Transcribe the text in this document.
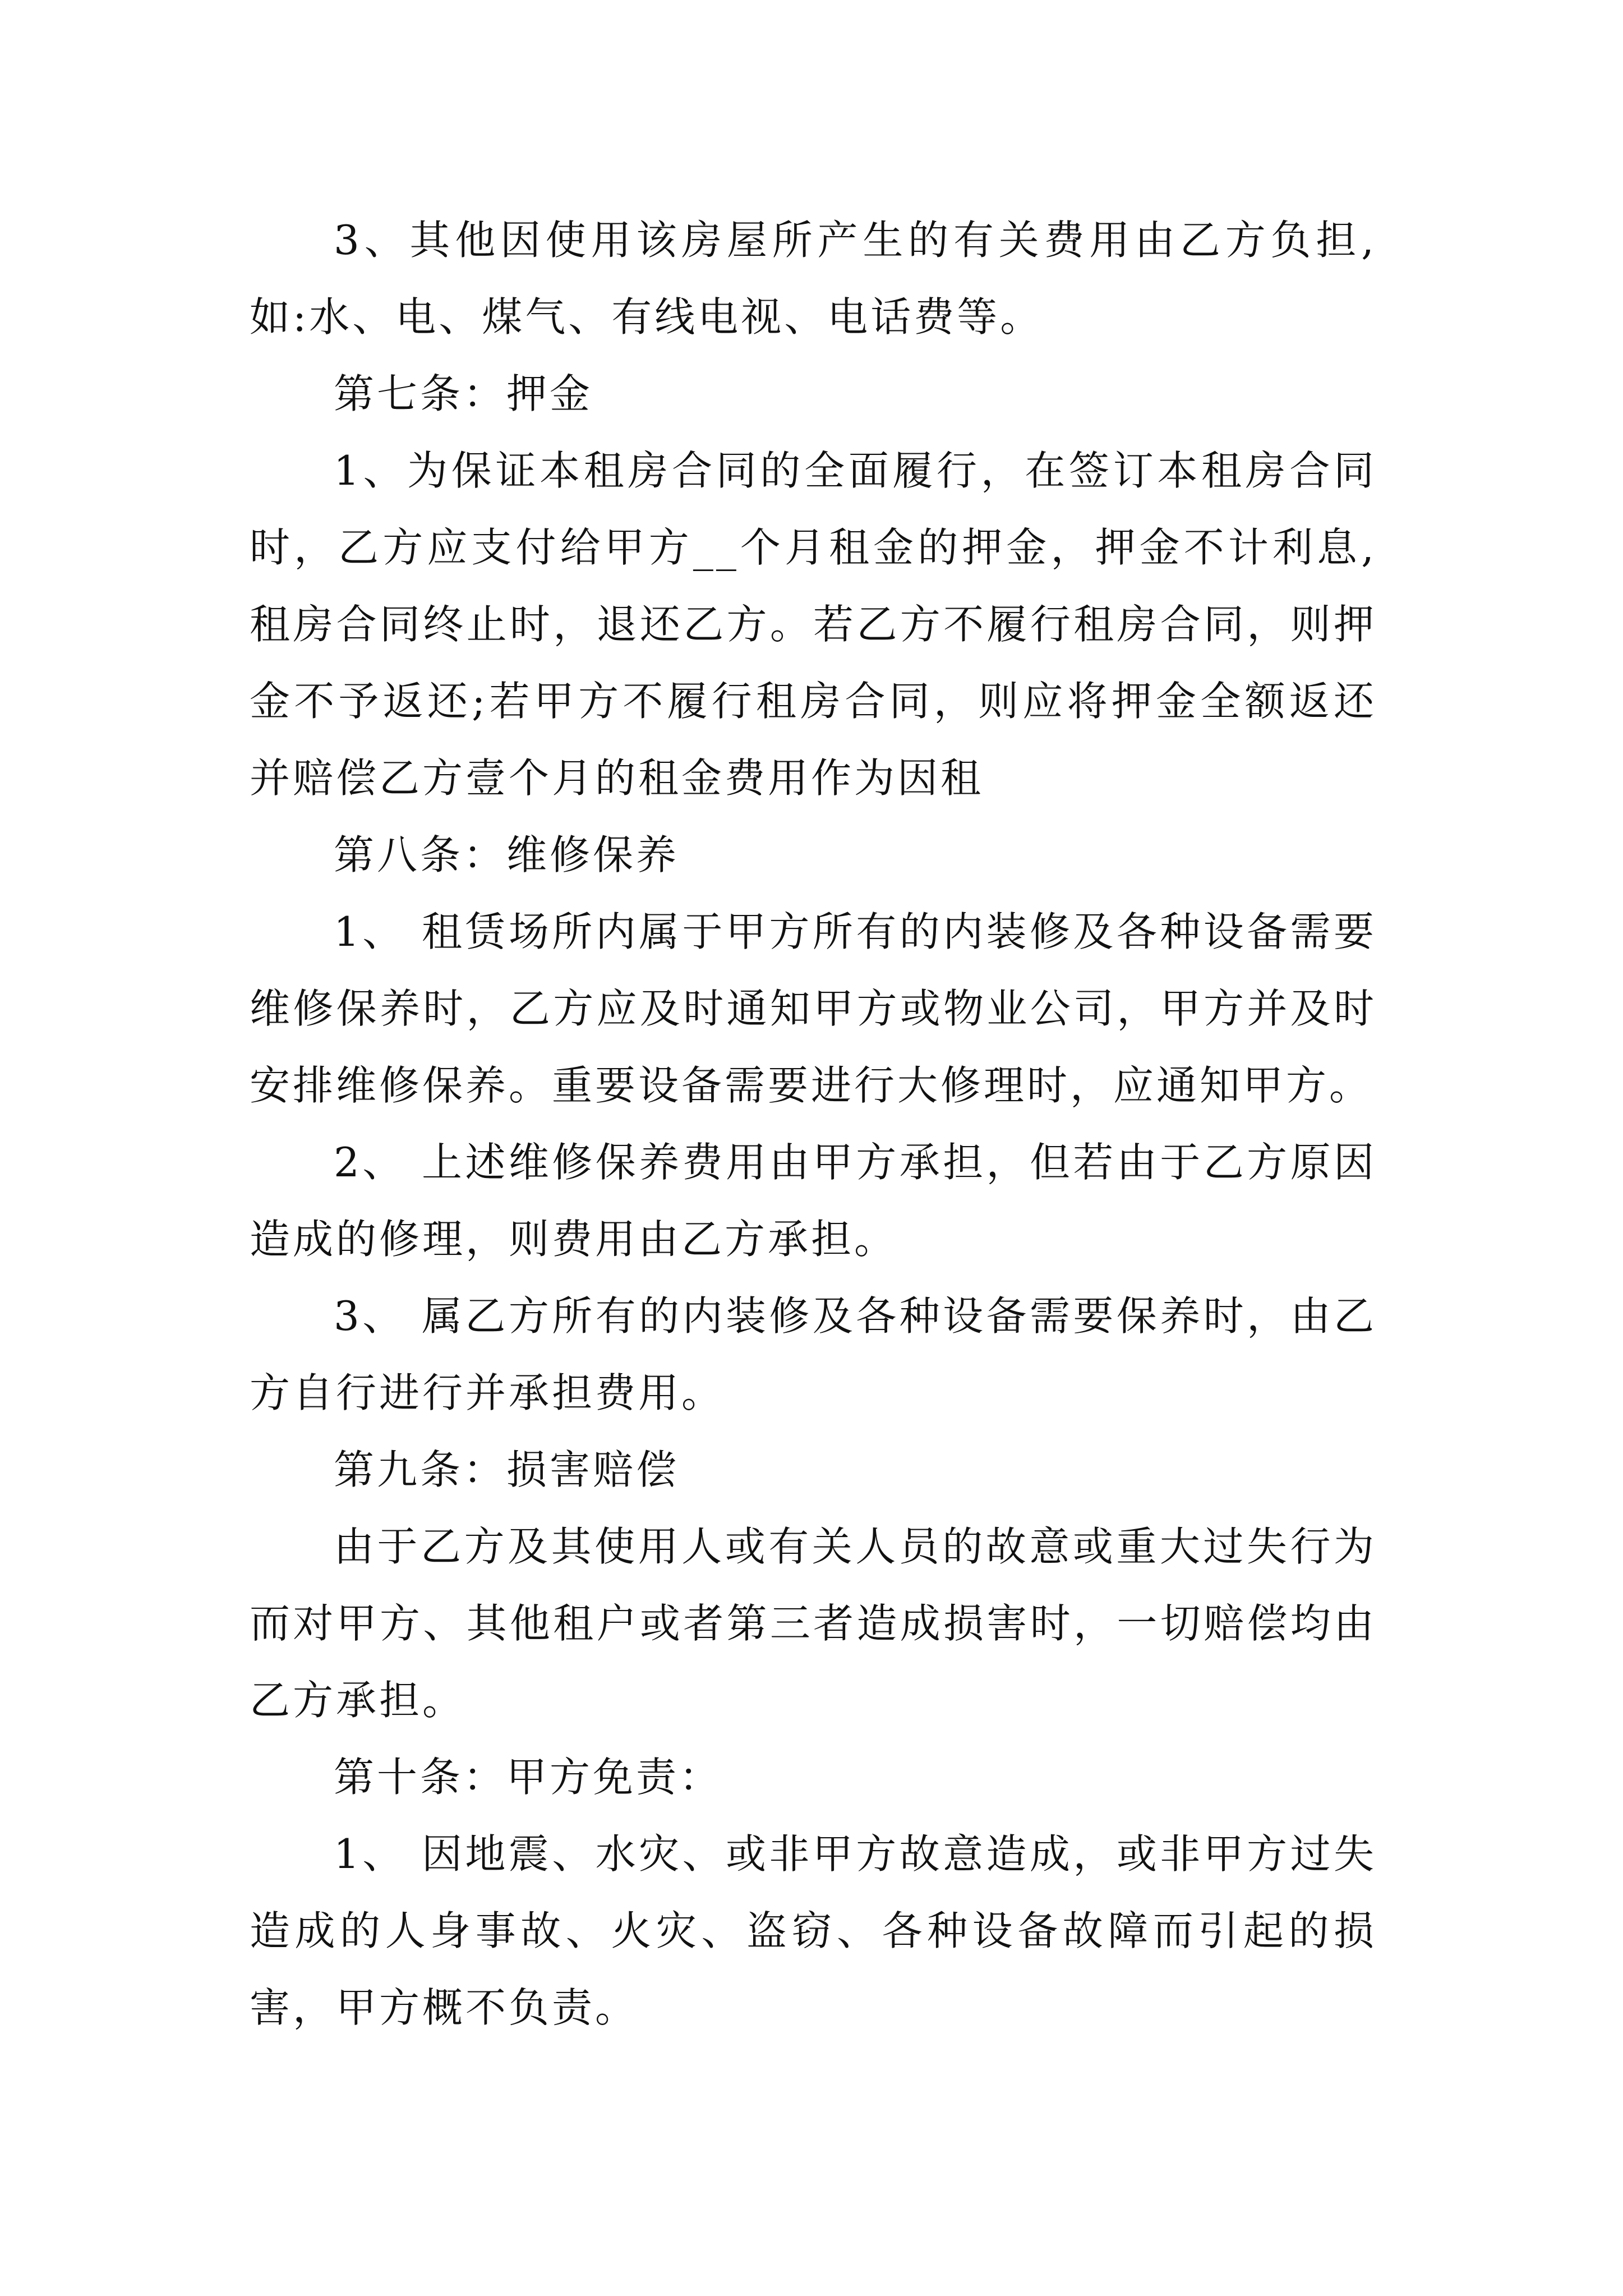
3、其他因使用该房屋所产生的有关费用由乙方负担,如:水、电、煤气、有线电视、电话费等。

第七条：押金

1、为保证本租房合同的全面履行，在签订本租房合同时，乙方应支付给甲方__个月租金的押金，押金不计利息,租房合同终止时，退还乙方。若乙方不履行租房合同，则押金不予返还;若甲方不履行租房合同，则应将押金全额返还并赔偿乙方壹个月的租金费用作为因租

第八条：维修保养

1、 租赁场所内属于甲方所有的内装修及各种设备需要维修保养时，乙方应及时通知甲方或物业公司，甲方并及时安排维修保养。重要设备需要进行大修理时，应通知甲方。

2、 上述维修保养费用由甲方承担，但若由于乙方原因造成的修理，则费用由乙方承担。

3、 属乙方所有的内装修及各种设备需要保养时，由乙方自行进行并承担费用。

第九条：损害赔偿

由于乙方及其使用人或有关人员的故意或重大过失行为而对甲方、其他租户或者第三者造成损害时，一切赔偿均由乙方承担。

第十条：甲方免责：

1、 因地震、水灾、或非甲方故意造成，或非甲方过失造成的人身事故、火灾、盗窃、各种设备故障而引起的损害，甲方概不负责。
